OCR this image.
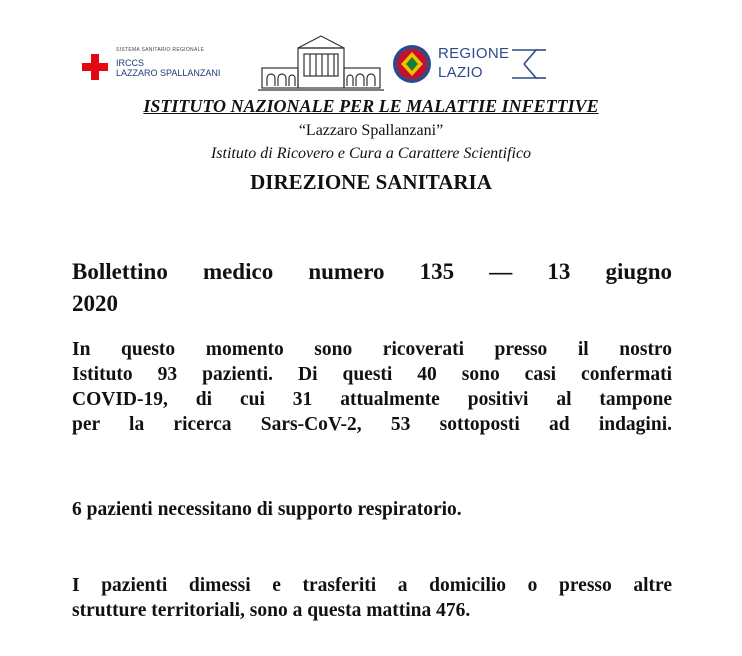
SISTEMA SANITARIO REGIONALE
IRCCS
LAZZARO SPALLANZANI
REGIONE
LAZIO
ISTITUTO NAZIONALE PER LE MALATTIE INFETTIVE
“Lazzaro Spallanzani”
Istituto di Ricovero e Cura a Carattere Scientifico
DIREZIONE SANITARIA
Bollettino medico numero 135 — 13 giugno
2020
In questo momento sono ricoverati presso il nostro
Istituto 93 pazienti. Di questi 40 sono casi confermati
COVID-19, di cui 31 attualmente positivi al tampone
per la ricerca Sars-CoV-2, 53 sottoposti ad indagini.
6 pazienti necessitano di supporto respiratorio.
I pazienti dimessi e trasferiti a domicilio o presso altre
strutture territoriali, sono a questa mattina 476.
